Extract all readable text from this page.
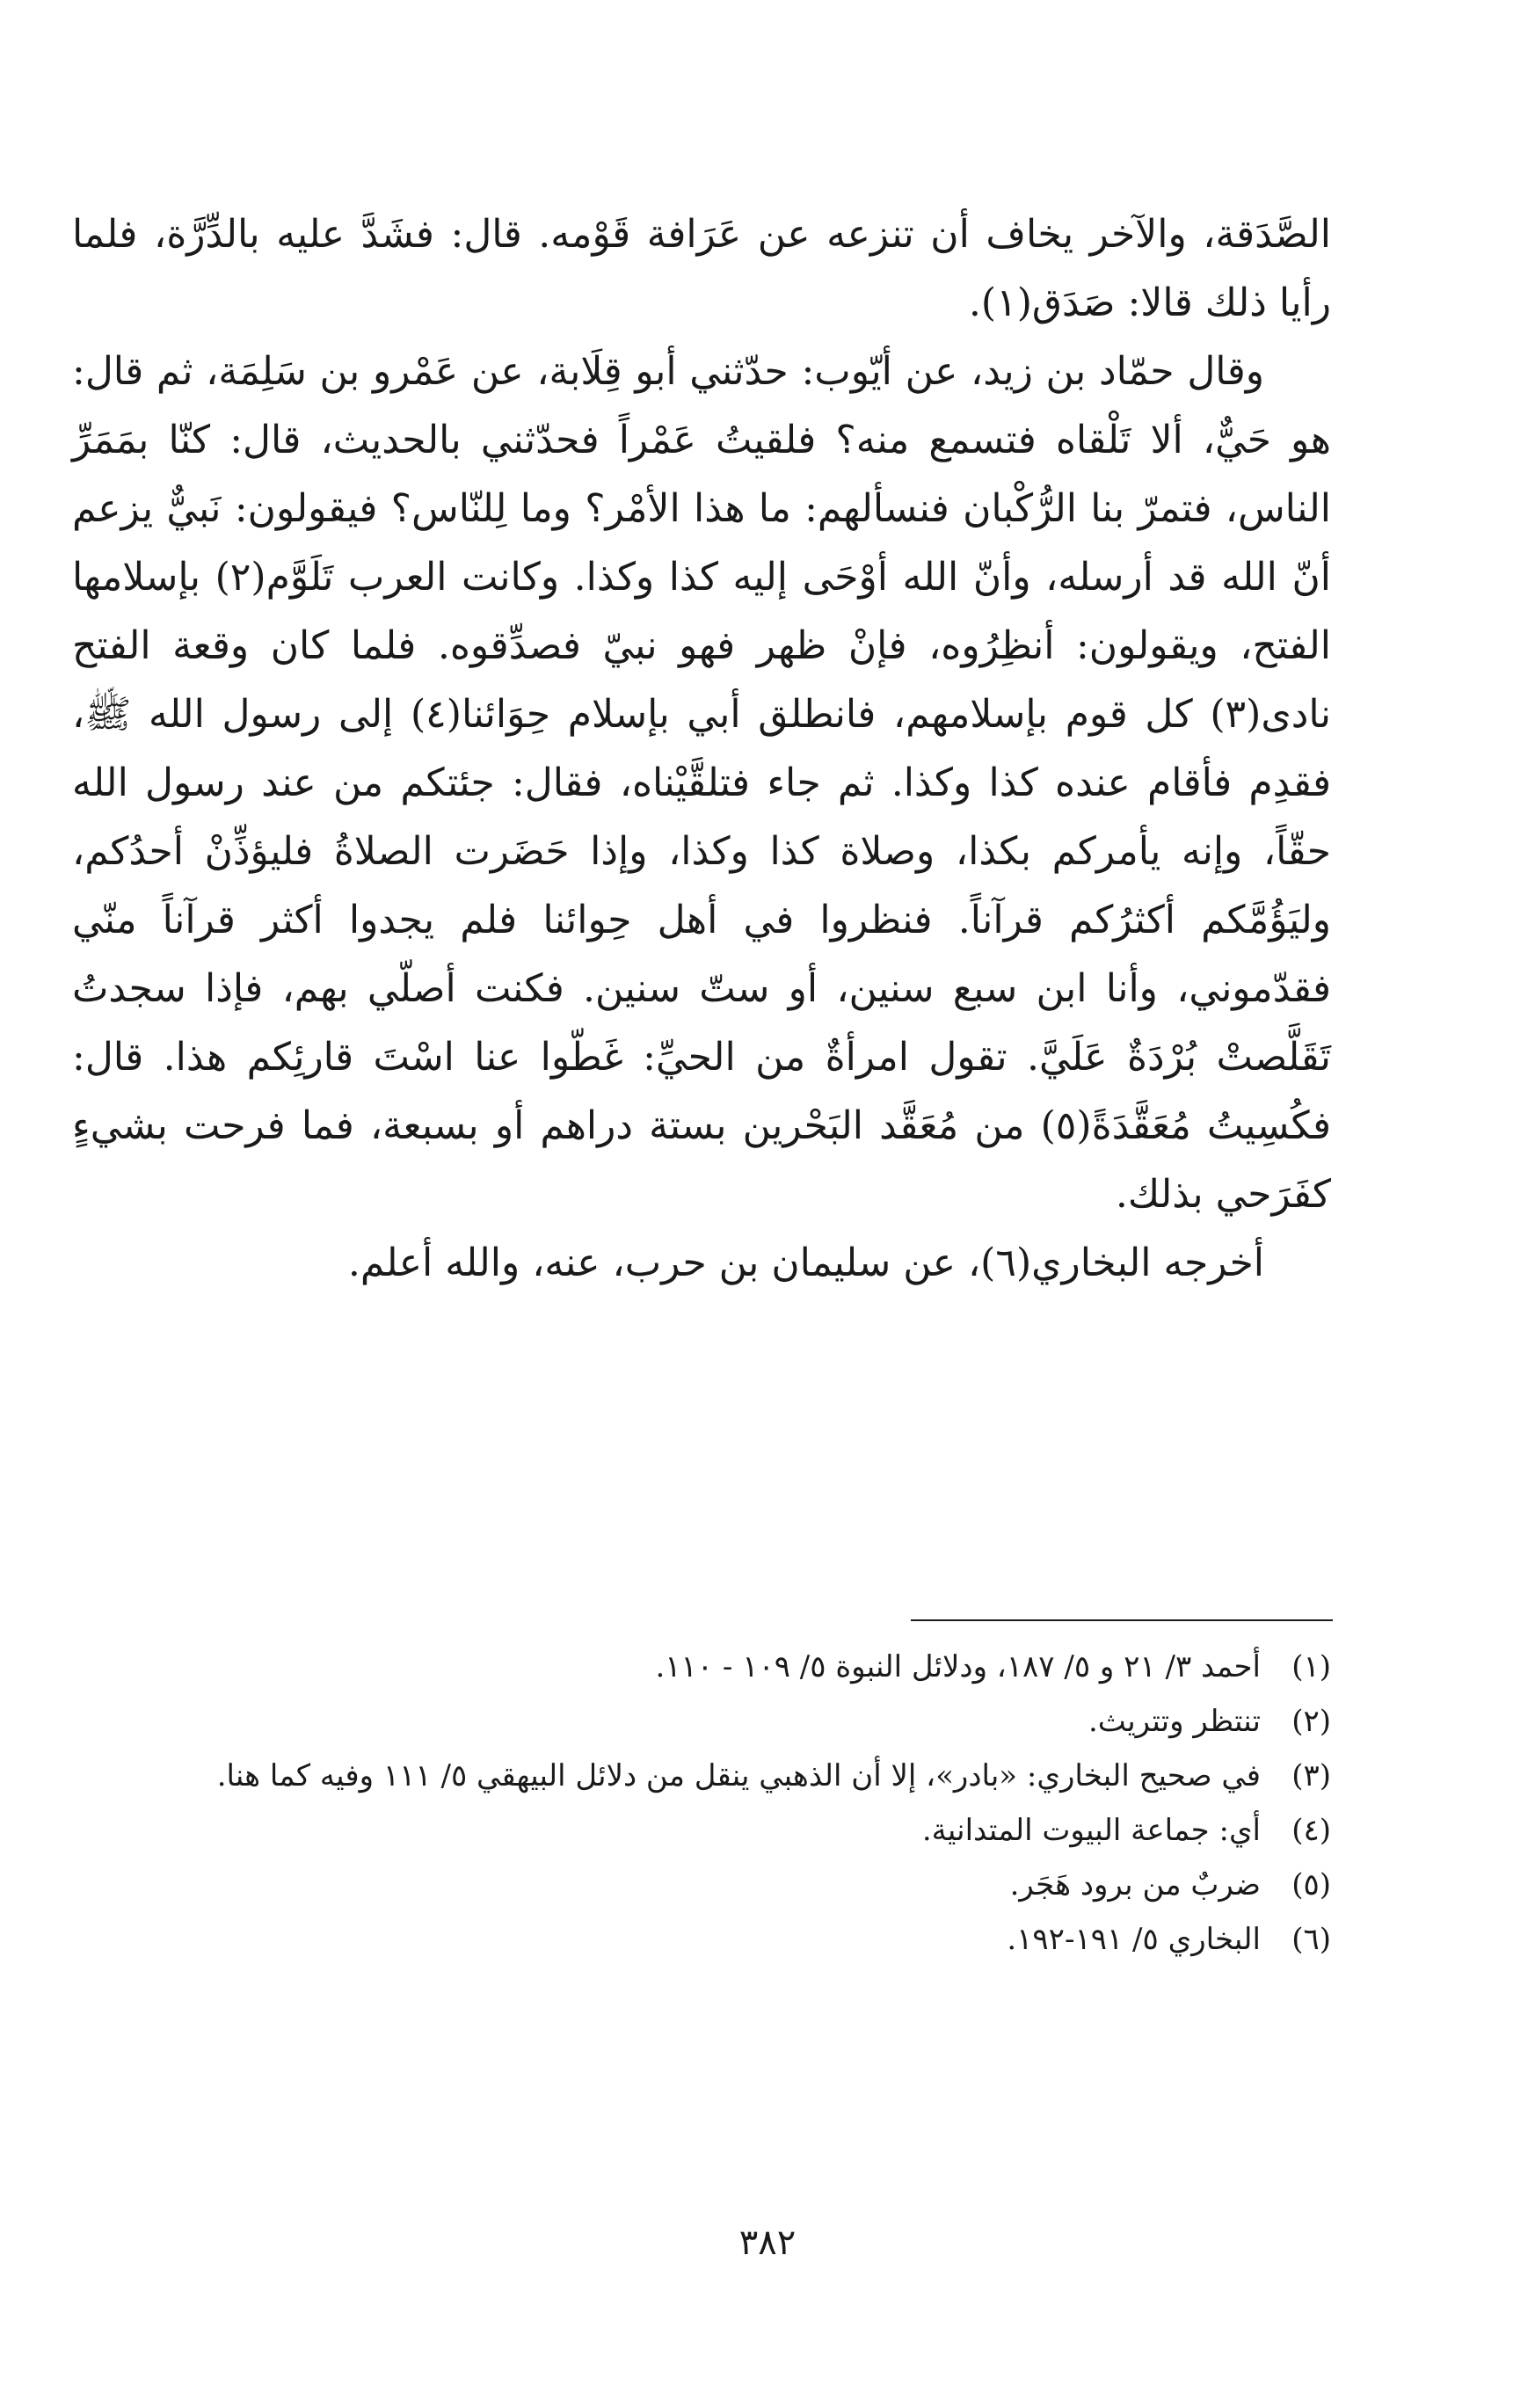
الصَّدَقة، والآخر يخاف أن تنزعه عن عَرَافة قَوْمه. قال: فشَدَّ عليه بالدِّرَّة، فلما رأيا ذلك قالا: صَدَق(١).

وقال حمّاد بن زيد، عن أيّوب: حدّثني أبو قِلَابة، عن عَمْرو بن سَلِمَة، ثم قال: هو حَيٌّ، ألا تَلْقاه فتسمع منه؟ فلقيتُ عَمْراً فحدّثني بالحديث، قال: كنّا بمَمَرِّ الناس، فتمرّ بنا الرُّكْبان فنسألهم: ما هذا الأمْر؟ وما لِلنّاس؟ فيقولون: نَبيٌّ يزعم أنّ الله قد أرسله، وأنّ الله أوْحَى إليه كذا وكذا. وكانت العرب تَلَوَّم(٢) بإسلامها الفتح، ويقولون: أنظِرُوه، فإنْ ظهر فهو نبيّ فصدِّقوه. فلما كان وقعة الفتح نادى(٣) كل قوم بإسلامهم، فانطلق أبي بإسلام حِوَائنا(٤) إلى رسول الله ﷺ، فقدِم فأقام عنده كذا وكذا. ثم جاء فتلقَّيْناه، فقال: جئتكم من عند رسول الله حقّاً، وإنه يأمركم بكذا، وصلاة كذا وكذا، وإذا حَضَرت الصلاةُ فليؤذِّنْ أحدُكم، وليَؤُمَّكم أكثرُكم قرآناً. فنظروا في أهل حِوائنا فلم يجدوا أكثر قرآناً منّي فقدّموني، وأنا ابن سبع سنين، أو ستّ سنين. فكنت أصلّي بهم، فإذا سجدتُ تَقَلَّصتْ بُرْدَةٌ عَلَيَّ. تقول امرأةٌ من الحيِّ: غَطّوا عنا اسْتَ قارئِكم هذا. قال: فكُسِيتُ مُعَقَّدَةً(٥) من مُعَقَّد البَحْرين بستة دراهم أو بسبعة، فما فرحت بشيءٍ كفَرَحي بذلك.

أخرجه البخاري(٦)، عن سليمان بن حرب، عنه، والله أعلم.

(١)
أحمد ٣/ ٢١ و ٥/ ١٨٧، ودلائل النبوة ٥/ ١٠٩ - ١١٠.
(٢)
تنتظر وتتريث.
(٣)
في صحيح البخاري: «بادر»، إلا أن الذهبي ينقل من دلائل البيهقي ٥/ ١١١ وفيه كما هنا.
(٤)
أي: جماعة البيوت المتدانية.
(٥)
ضربٌ من برود هَجَر.
(٦)
البخاري ٥/ ١٩١-١٩٢.
٣٨٢
